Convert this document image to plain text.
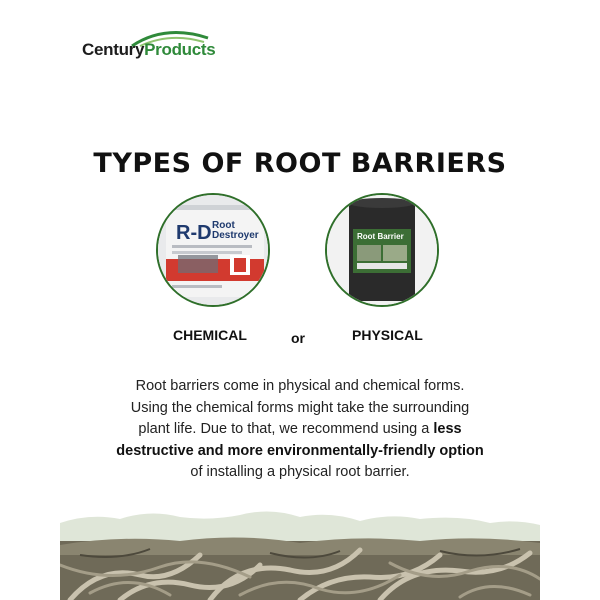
CenturyProducts
TYPES OF ROOT BARRIERS
R-D Root
Destroyer	Root Barrier
CHEMICAL	or	PHYSICAL
Root barriers come in physical and chemical forms.
Using the chemical forms might take the surrounding
plant life. Due to that, we recommend using a less
destructive and more environmentally-friendly option
of installing a physical root barrier.
